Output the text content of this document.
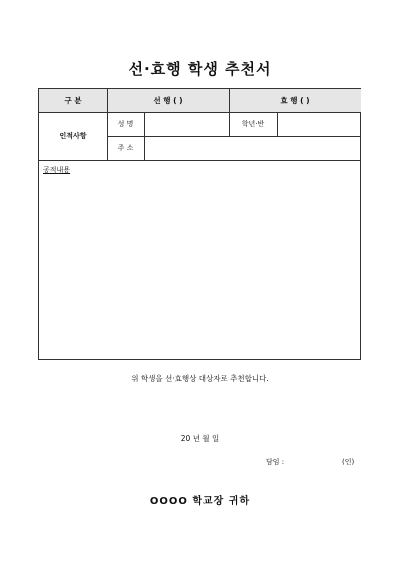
선·효행 학생 추천서
구 분	선 행 ( )	효 행 ( )
인적사항
성 명	학년·반
주 소
공적내용
위 학생을 선·효행상 대상자로 추천합니다.
20 년 월 일
담임 :	(인)
OOOO 학교장 귀하
